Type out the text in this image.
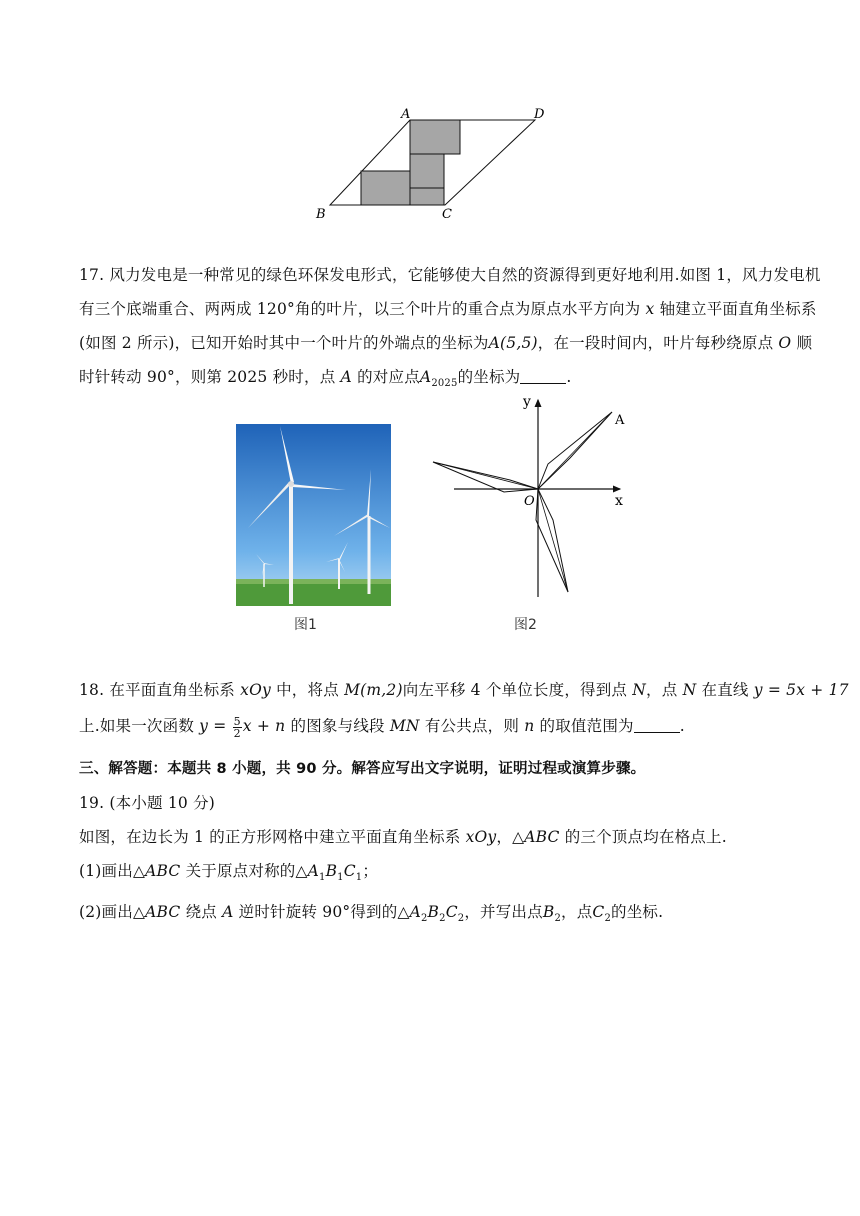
A	D
B	C
17. 风力发电是一种常见的绿色环保发电形式，它能够使大自然的资源得到更好地利用.如图 1，风力发电机
有三个底端重合、两两成 120°角的叶片，以三个叶片的重合点为原点水平方向为 x 轴建立平面直角坐标系
(如图 2 所示)，已知开始时其中一个叶片的外端点的坐标为A(5,5)，在一段时间内，叶片每秒绕原点 O 顺
时针转动 90°，则第 2025 秒时，点 A 的对应点$A_{2025}$的坐标为	.
图1
y
x
O
A
图2
18. 在平面直角坐标系 xOy 中，将点 M(m,2)向左平移 4 个单位长度，得到点 N，点 N 在直线 y = 5x + 17
上.如果一次函数 $y = \frac{5}{2}$ x + n 的图象与线段 MN 有公共点，则 n 的取值范围为	.
三、解答题：本题共 8 小题，共 90 分。解答应写出文字说明，证明过程或演算步骤。
19. (本小题 10 分)
如图，在边长为 1 的正方形网格中建立平面直角坐标系 xOy，△ABC 的三个顶点均在格点上.
(1)画出△ABC 关于原点对称的$\triangle A_1B_1C_1$；
(2)画出△ABC 绕点 A 逆时针旋转 90°得到的$\triangle A_2B_2C_2$，并写出点$B_2$，点$C_2$的坐标.
